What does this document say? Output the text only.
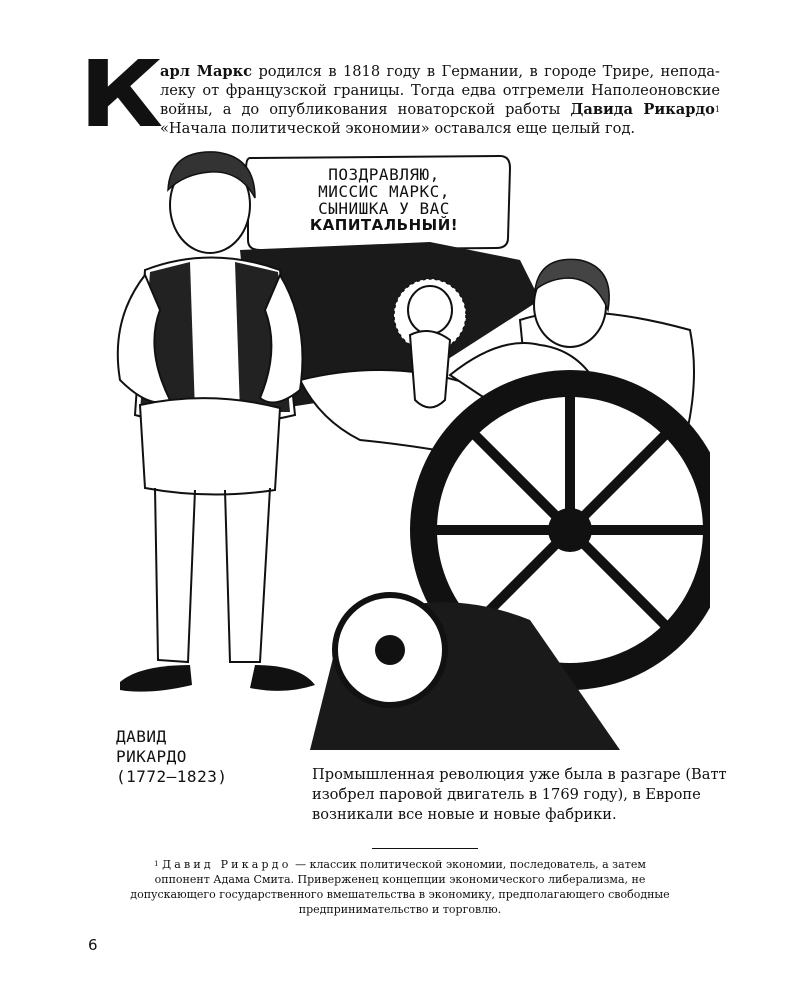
К арл Маркс родился в 1818 году в Германии, в городе Трире, непода-леку от французской границы. Тогда едва отгремели Наполеоновские войны, а до опубликования новаторской работы Давида Рикардо$^1$ «Начала политической экономии» оставался еще целый год.
ПОЗДРАВЛЯЮ,
МИССИС МАРКС,
СЫНИШКА У ВАС
КАПИТАЛЬНЫЙ!
ДАВИД
РИКАРДО
(1772—1823)	Промышленная революция уже была в разгаре (Ватт изобрел паровой двигатель в 1769 году), в Европе возникали все новые и новые фабрики.
$^1$ Давид Рикардо — классик политической экономии, последователь, а затем оппонент Адама Смита. Приверженец концепции экономического либерализма, не допускающего государственного вмешательства в экономику, предполагающего свободные предпринимательство и торговлю.
6
